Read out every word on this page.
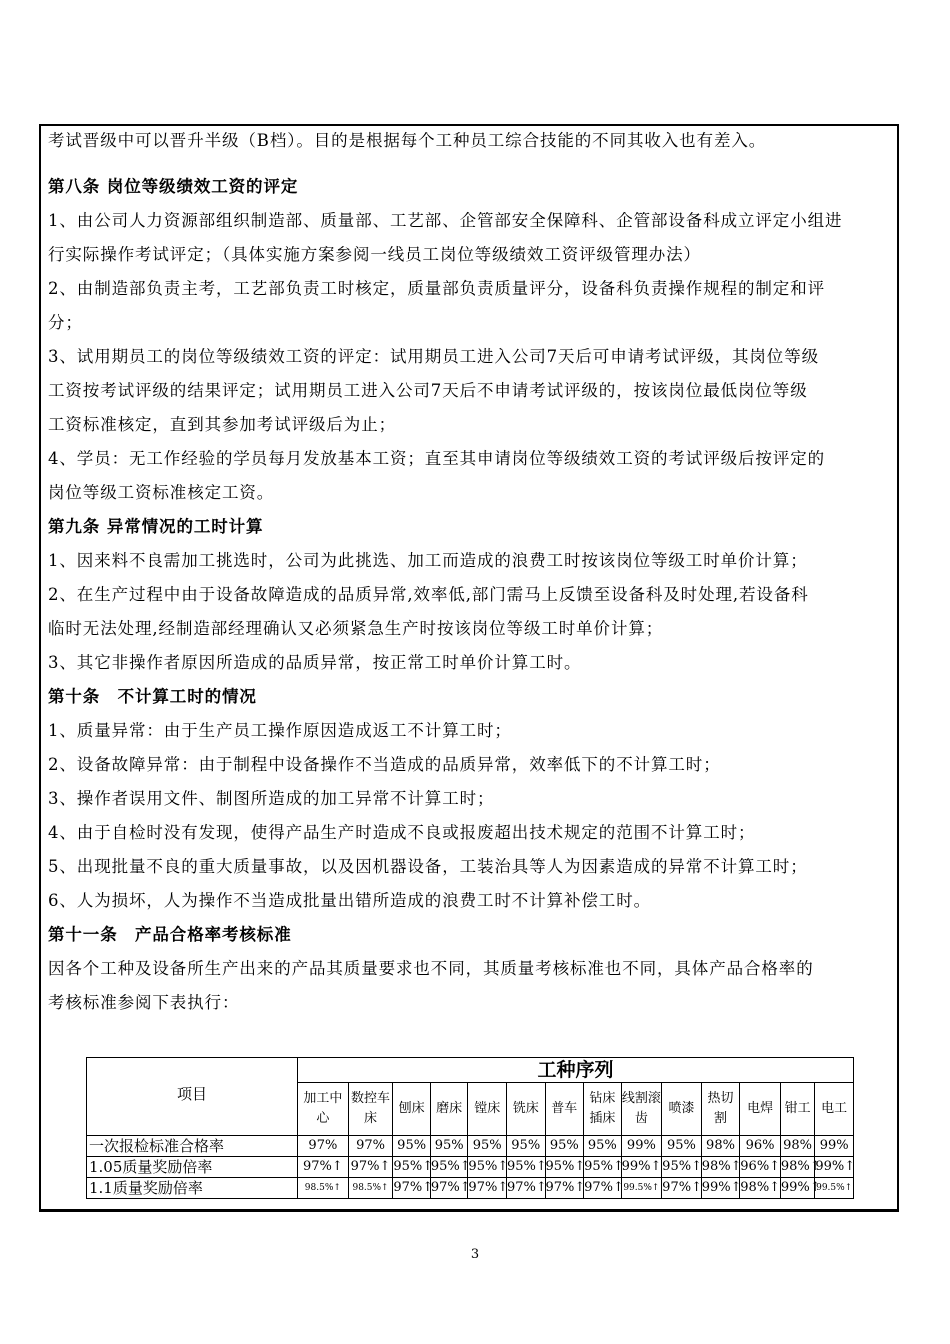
考试晋级中可以晋升半级（B档）。目的是根据每个工种员工综合技能的不同其收入也有差入。
第八条 岗位等级绩效工资的评定
1、由公司人力资源部组织制造部、质量部、工艺部、企管部安全保障科、企管部设备科成立评定小组进
行实际操作考试评定；（具体实施方案参阅一线员工岗位等级绩效工资评级管理办法）
2、由制造部负责主考，工艺部负责工时核定，质量部负责质量评分，设备科负责操作规程的制定和评
分；
3、试用期员工的岗位等级绩效工资的评定：试用期员工进入公司7天后可申请考试评级，其岗位等级
工资按考试评级的结果评定；试用期员工进入公司7天后不申请考试评级的，按该岗位最低岗位等级
工资标准核定，直到其参加考试评级后为止；
4、学员：无工作经验的学员每月发放基本工资；直至其申请岗位等级绩效工资的考试评级后按评定的
岗位等级工资标准核定工资。
第九条 异常情况的工时计算
1、因来料不良需加工挑选时，公司为此挑选、加工而造成的浪费工时按该岗位等级工时单价计算；
2、在生产过程中由于设备故障造成的品质异常,效率低,部门需马上反馈至设备科及时处理,若设备科
临时无法处理,经制造部经理确认又必须紧急生产时按该岗位等级工时单价计算；
3、其它非操作者原因所造成的品质异常，按正常工时单价计算工时。
第十条　不计算工时的情况
1、质量异常：由于生产员工操作原因造成返工不计算工时；
2、设备故障异常：由于制程中设备操作不当造成的品质异常，效率低下的不计算工时；
3、操作者误用文件、制图所造成的加工异常不计算工时；
4、由于自检时没有发现，使得产品生产时造成不良或报废超出技术规定的范围不计算工时；
5、出现批量不良的重大质量事故，以及因机器设备，工装治具等人为因素造成的异常不计算工时；
6、人为损坏，人为操作不当造成批量出错所造成的浪费工时不计算补偿工时。
第十一条　产品合格率考核标准
因各个工种及设备所生产出来的产品其质量要求也不同，其质量考核标准也不同，具体产品合格率的
考核标准参阅下表执行：
项目	工种序列													
	加工中心	数控车床	刨床	磨床	镗床	铣床	普车	钻床插床	线割滚齿	喷漆	热切割	电焊	钳工	电工
一次报检标准合格率	97%	97%	95%	95%	95%	95%	95%	95%	99%	95%	98%	96%	98%	99%
1.05质量奖励倍率	97%↑	97%↑	95%↑	95%↑	95%↑	95%↑	95%↑	95%↑	99%↑	95%↑	98%↑	96%↑	98%↑	99%↑
1.1质量奖励倍率	98.5%↑	98.5%↑	97%↑	97%↑	97%↑	97%↑	97%↑	97%↑	99.5%↑	97%↑	99%↑	98%↑	99%↑	99.5%↑
3
